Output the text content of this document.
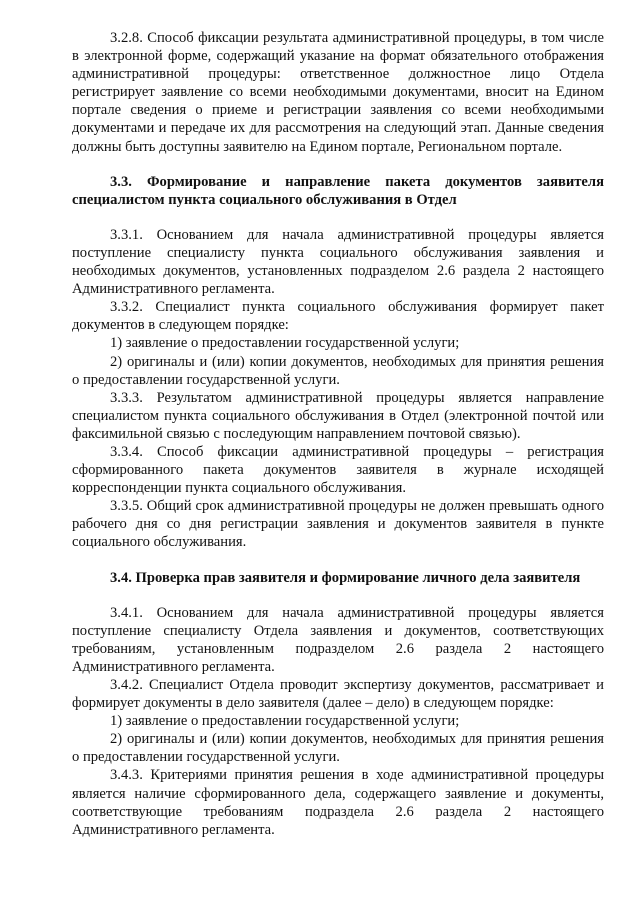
3.2.8. Способ фиксации результата административной процедуры, в том числе в электронной форме, содержащий указание на формат обязательного отображения административной процедуры: ответственное должностное лицо Отдела регистрирует заявление со всеми необходимыми документами, вносит на Едином портале сведения о приеме и регистрации заявления со всеми необходимыми документами и передаче их для рассмотрения на следующий этап. Данные сведения должны быть доступны заявителю на Едином портале, Региональном портале.

3.3. Формирование и направление пакета документов заявителя специалистом пункта социального обслуживания в Отдел

3.3.1. Основанием для начала административной процедуры является поступление специалисту пункта социального обслуживания заявления и необходимых документов, установленных подразделом 2.6 раздела 2 настоящего Административного регламента.

3.3.2. Специалист пункта социального обслуживания формирует пакет документов в следующем порядке:

1) заявление о предоставлении государственной услуги;

2) оригиналы и (или) копии документов, необходимых для принятия решения о предоставлении государственной услуги.

3.3.3. Результатом административной процедуры является направление специалистом пункта социального обслуживания в Отдел (электронной почтой или факсимильной связью с последующим направлением почтовой связью).

3.3.4. Способ фиксации административной процедуры – регистрация сформированного пакета документов заявителя в журнале исходящей корреспонденции пункта социального обслуживания.

3.3.5. Общий срок административной процедуры не должен превышать одного рабочего дня со дня регистрации заявления и документов заявителя в пункте социального обслуживания.

3.4. Проверка прав заявителя и формирование личного дела заявителя

3.4.1. Основанием для начала административной процедуры является поступление специалисту Отдела заявления и документов, соответствующих требованиям, установленным подразделом 2.6 раздела 2 настоящего Административного регламента.

3.4.2. Специалист Отдела проводит экспертизу документов, рассматривает и формирует документы в дело заявителя (далее – дело) в следующем порядке:

1) заявление о предоставлении государственной услуги;

2) оригиналы и (или) копии документов, необходимых для принятия решения о предоставлении государственной услуги.

3.4.3. Критериями принятия решения в ходе административной процедуры является наличие сформированного дела, содержащего заявление и документы, соответствующие требованиям подраздела 2.6 раздела 2 настоящего Административного регламента.
